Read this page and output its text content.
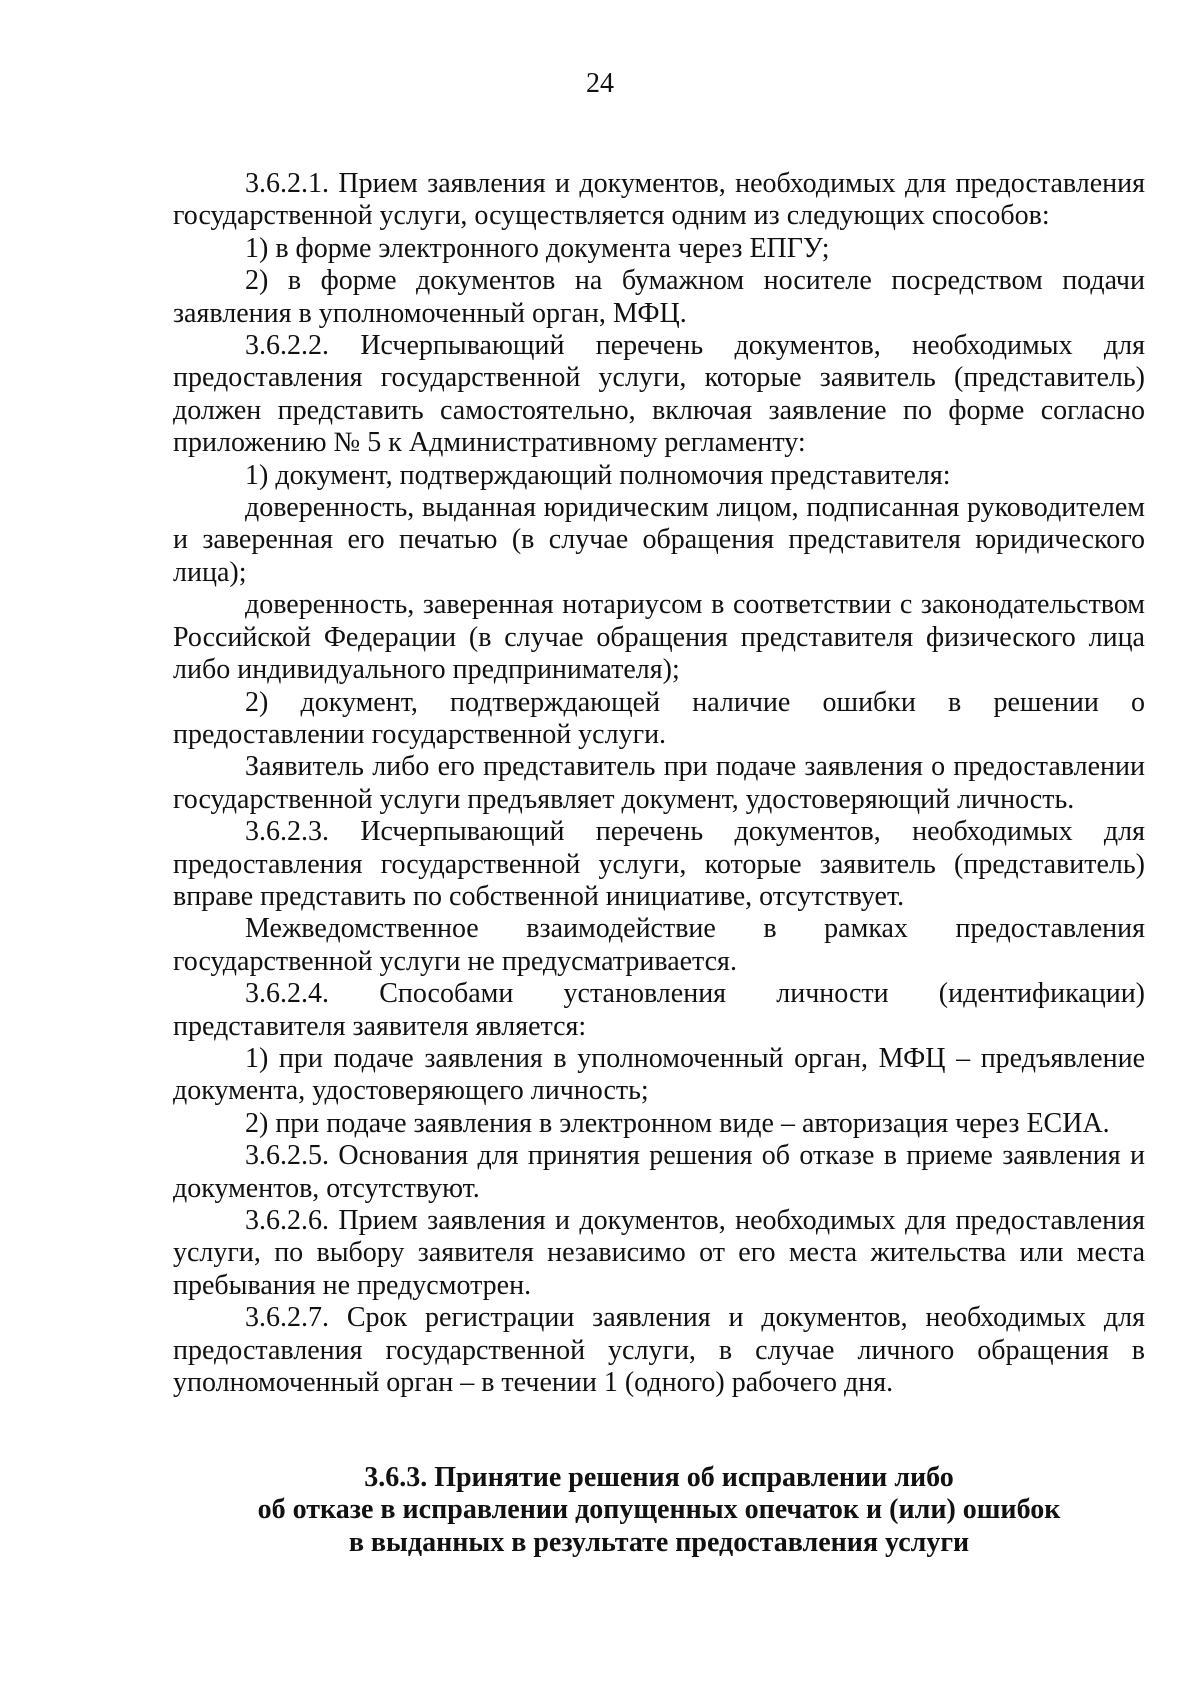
24

3.6.2.1. Прием заявления и документов, необходимых для предоставления государственной услуги, осуществляется одним из следующих способов:

1) в форме электронного документа через ЕПГУ;

2) в форме документов на бумажном носителе посредством подачи заявления в уполномоченный орган, МФЦ.

3.6.2.2. Исчерпывающий перечень документов, необходимых для предоставления государственной услуги, которые заявитель (представитель) должен представить самостоятельно, включая заявление по форме согласно приложению № 5 к Административному регламенту:

1) документ, подтверждающий полномочия представителя:

доверенность, выданная юридическим лицом, подписанная руководителем и заверенная его печатью (в случае обращения представителя юридического лица);

доверенность, заверенная нотариусом в соответствии с законодательством Российской Федерации (в случае обращения представителя физического лица либо индивидуального предпринимателя);

2) документ, подтверждающей наличие ошибки в решении о предоставлении государственной услуги.

Заявитель либо его представитель при подаче заявления о предоставлении государственной услуги предъявляет документ, удостоверяющий личность.

3.6.2.3. Исчерпывающий перечень документов, необходимых для предоставления государственной услуги, которые заявитель (представитель) вправе представить по собственной инициативе, отсутствует.

Межведомственное взаимодействие в рамках предоставления государственной услуги не предусматривается.

3.6.2.4. Способами установления личности (идентификации) представителя заявителя является:

1) при подаче заявления в уполномоченный орган, МФЦ – предъявление документа, удостоверяющего личность;

2) при подаче заявления в электронном виде – авторизация через ЕСИА.

3.6.2.5. Основания для принятия решения об отказе в приеме заявления и документов, отсутствуют.

3.6.2.6. Прием заявления и документов, необходимых для предоставления услуги, по выбору заявителя независимо от его места жительства или места пребывания не предусмотрен.

3.6.2.7. Срок регистрации заявления и документов, необходимых для предоставления государственной услуги, в случае личного обращения в уполномоченный орган – в течении 1 (одного) рабочего дня.

3.6.3. Принятие решения об исправлении либо
об отказе в исправлении допущенных опечаток и (или) ошибок
в выданных в результате предоставления услуги
